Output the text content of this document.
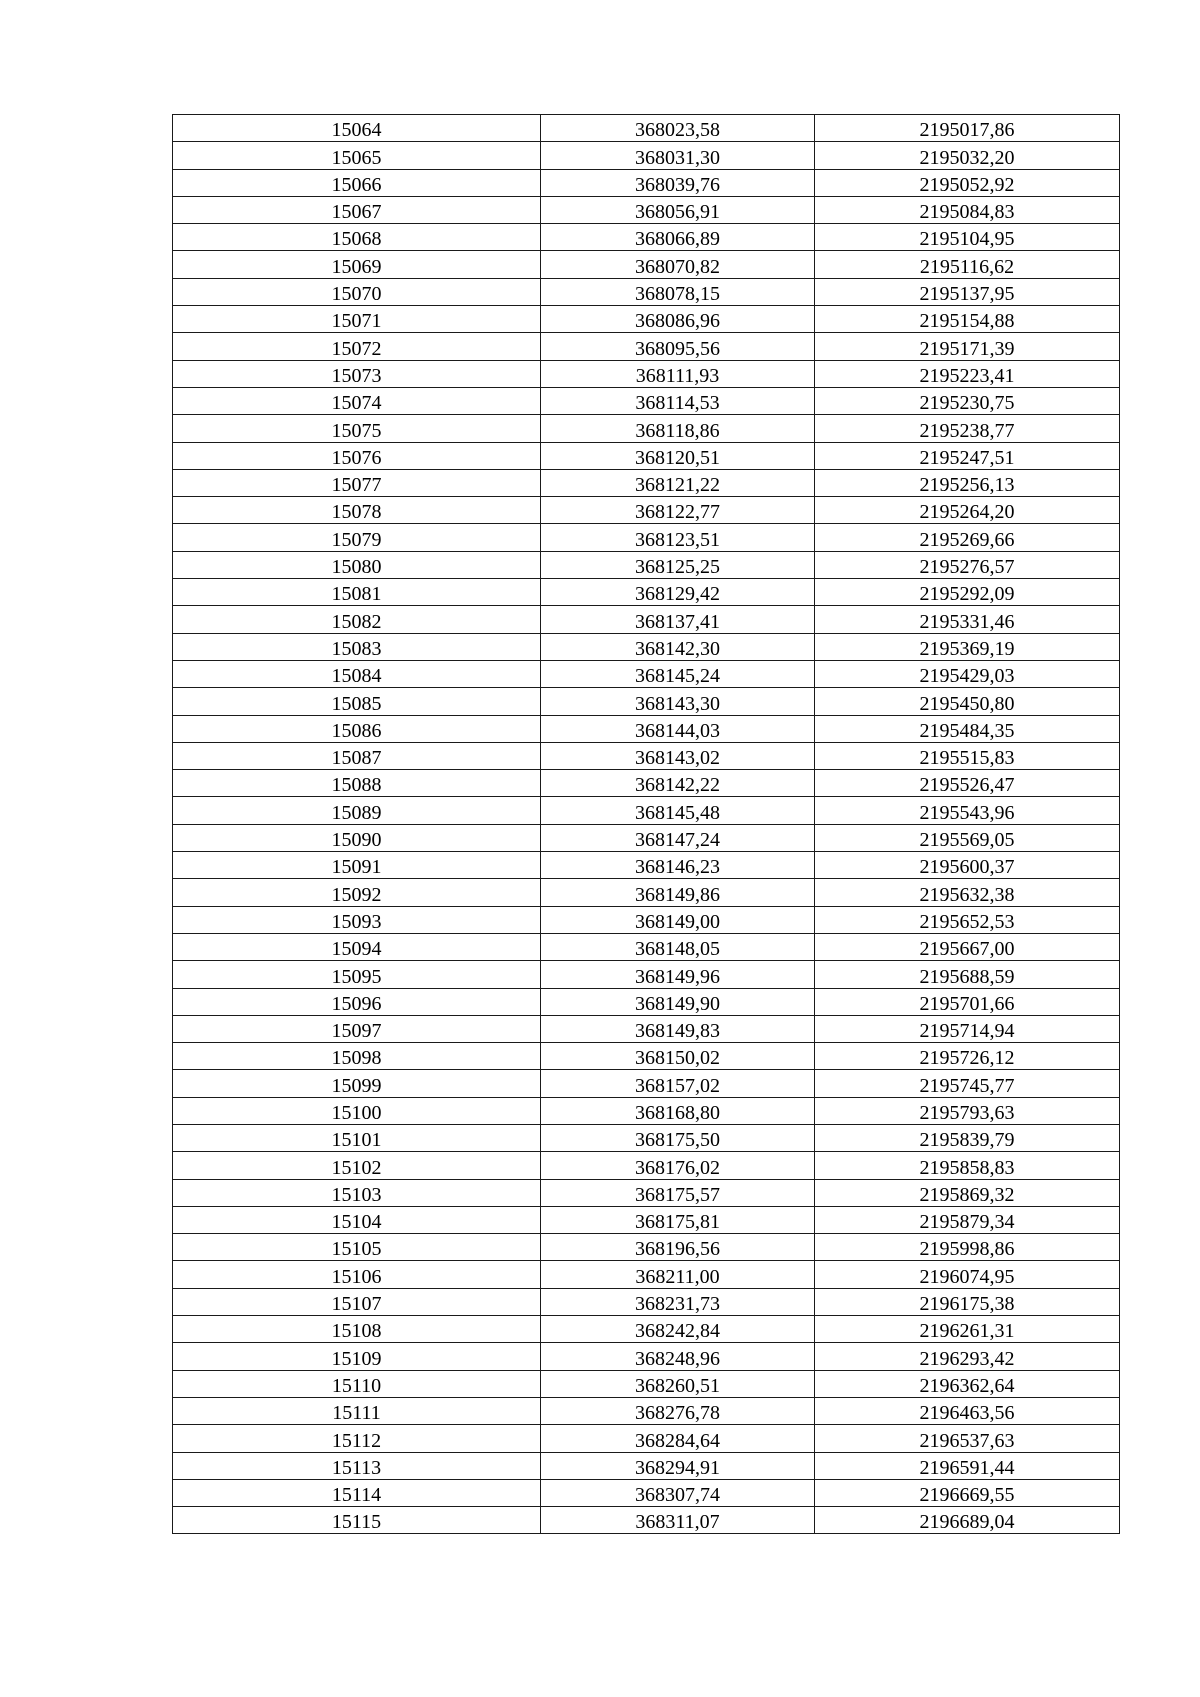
15064	368023,58	2195017,86
15065	368031,30	2195032,20
15066	368039,76	2195052,92
15067	368056,91	2195084,83
15068	368066,89	2195104,95
15069	368070,82	2195116,62
15070	368078,15	2195137,95
15071	368086,96	2195154,88
15072	368095,56	2195171,39
15073	368111,93	2195223,41
15074	368114,53	2195230,75
15075	368118,86	2195238,77
15076	368120,51	2195247,51
15077	368121,22	2195256,13
15078	368122,77	2195264,20
15079	368123,51	2195269,66
15080	368125,25	2195276,57
15081	368129,42	2195292,09
15082	368137,41	2195331,46
15083	368142,30	2195369,19
15084	368145,24	2195429,03
15085	368143,30	2195450,80
15086	368144,03	2195484,35
15087	368143,02	2195515,83
15088	368142,22	2195526,47
15089	368145,48	2195543,96
15090	368147,24	2195569,05
15091	368146,23	2195600,37
15092	368149,86	2195632,38
15093	368149,00	2195652,53
15094	368148,05	2195667,00
15095	368149,96	2195688,59
15096	368149,90	2195701,66
15097	368149,83	2195714,94
15098	368150,02	2195726,12
15099	368157,02	2195745,77
15100	368168,80	2195793,63
15101	368175,50	2195839,79
15102	368176,02	2195858,83
15103	368175,57	2195869,32
15104	368175,81	2195879,34
15105	368196,56	2195998,86
15106	368211,00	2196074,95
15107	368231,73	2196175,38
15108	368242,84	2196261,31
15109	368248,96	2196293,42
15110	368260,51	2196362,64
15111	368276,78	2196463,56
15112	368284,64	2196537,63
15113	368294,91	2196591,44
15114	368307,74	2196669,55
15115	368311,07	2196689,04
